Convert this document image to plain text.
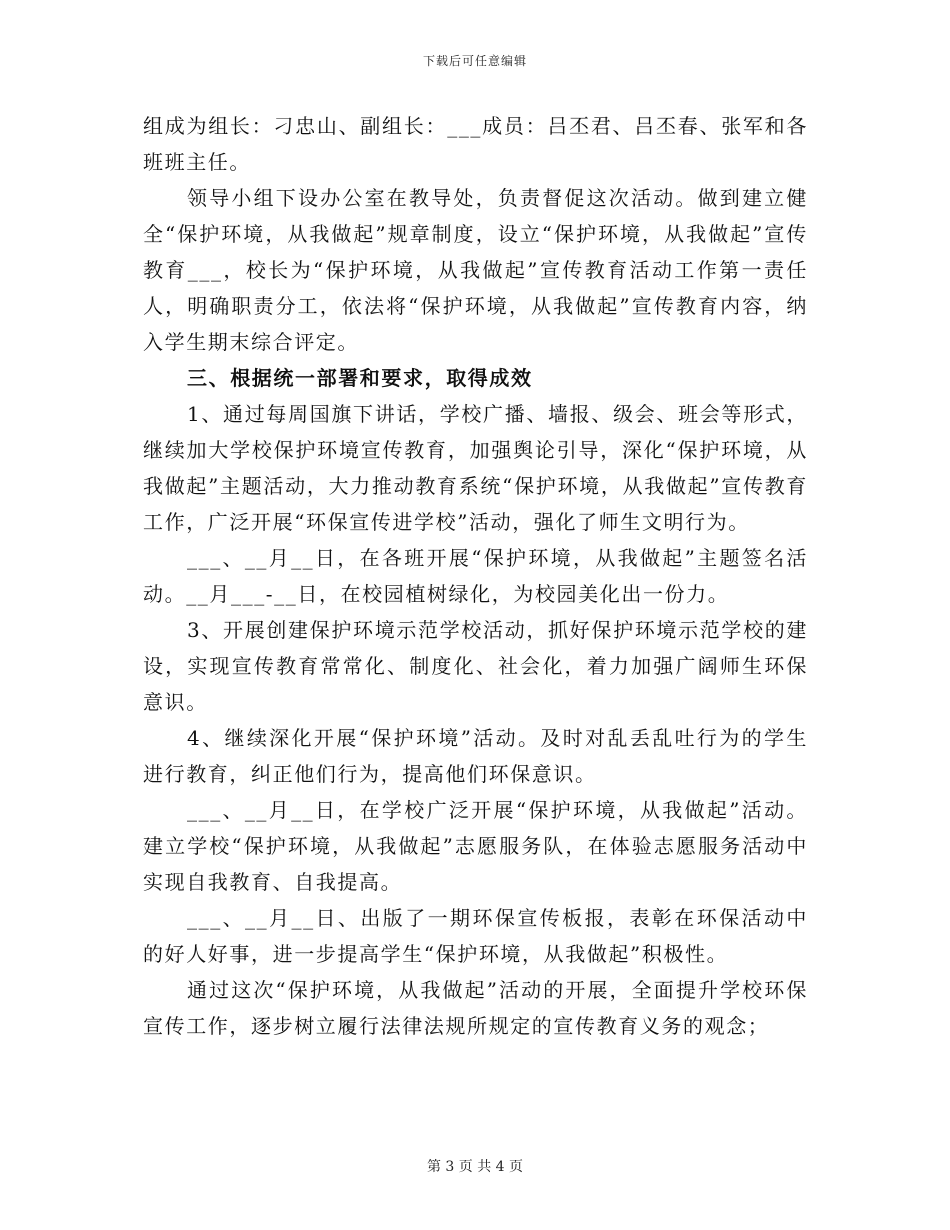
下载后可任意编辑

组成为组长：刁忠山、副组长：___成员：吕丕君、吕丕春、张军和各班班主任。

领导小组下设办公室在教导处，负责督促这次活动。做到建立健全“保护环境，从我做起”规章制度，设立“保护环境，从我做起”宣传教育___，校长为“保护环境，从我做起”宣传教育活动工作第一责任人，明确职责分工，依法将“保护环境，从我做起”宣传教育内容，纳入学生期末综合评定。

三、根据统一部署和要求，取得成效

1、通过每周国旗下讲话，学校广播、墙报、级会、班会等形式，继续加大学校保护环境宣传教育，加强舆论引导，深化“保护环境，从我做起”主题活动，大力推动教育系统“保护环境，从我做起”宣传教育工作，广泛开展“环保宣传进学校”活动，强化了师生文明行为。

___、__月__日，在各班开展“保护环境，从我做起”主题签名活动。__月___-__日，在校园植树绿化，为校园美化出一份力。

3、开展创建保护环境示范学校活动，抓好保护环境示范学校的建设，实现宣传教育常常化、制度化、社会化，着力加强广阔师生环保意识。

4、继续深化开展“保护环境”活动。及时对乱丢乱吐行为的学生进行教育，纠正他们行为，提高他们环保意识。

___、__月__日，在学校广泛开展“保护环境，从我做起”活动。建立学校“保护环境，从我做起”志愿服务队，在体验志愿服务活动中实现自我教育、自我提高。

___、__月__日、出版了一期环保宣传板报，表彰在环保活动中的好人好事，进一步提高学生“保护环境，从我做起”积极性。

通过这次“保护环境，从我做起”活动的开展，全面提升学校环保宣传工作，逐步树立履行法律法规所规定的宣传教育义务的观念；

第 3 页 共 4 页
